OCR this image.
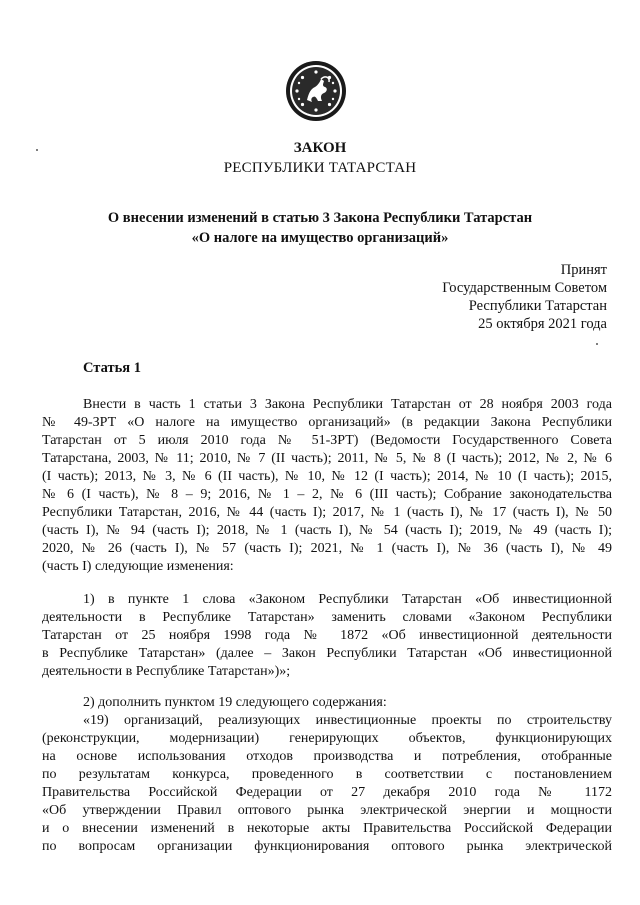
ЗАКОН
РЕСПУБЛИКИ ТАТАРСТАН
О внесении изменений в статью 3 Закона Республики Татарстан
«О налоге на имущество организаций»
Принят
Государственным Советом
Республики Татарстан
25 октября 2021 года
Статья 1
Внести в часть 1 статьи 3 Закона Республики Татарстан от 28 ноября 2003 года
№ 49-ЗРТ «О налоге на имущество организаций» (в редакции Закона Республики
Татарстан от 5 июля 2010 года № 51-ЗРТ) (Ведомости Государственного Совета
Татарстана, 2003, № 11; 2010, № 7 (II часть); 2011, № 5, № 8 (I часть); 2012, № 2, № 6
(I часть); 2013, № 3, № 6 (II часть), № 10, № 12 (I часть); 2014, № 10 (I часть); 2015,
№ 6 (I часть), № 8 – 9; 2016, № 1 – 2, № 6 (III часть); Собрание законодательства
Республики Татарстан, 2016, № 44 (часть I); 2017, № 1 (часть I), № 17 (часть I), № 50
(часть I), № 94 (часть I); 2018, № 1 (часть I), № 54 (часть I); 2019, № 49 (часть I);
2020, № 26 (часть I), № 57 (часть I); 2021, № 1 (часть I), № 36 (часть I), № 49
(часть I) следующие изменения:
1) в пункте 1 слова «Законом Республики Татарстан «Об инвестиционной
деятельности в Республике Татарстан» заменить словами «Законом Республики
Татарстан от 25 ноября 1998 года № 1872 «Об инвестиционной деятельности
в Республике Татарстан» (далее – Закон Республики Татарстан «Об инвестиционной
деятельности в Республике Татарстан»)»;
2) дополнить пунктом 19 следующего содержания:
«19) организаций, реализующих инвестиционные проекты по строительству
(реконструкции, модернизации) генерирующих объектов, функционирующих
на основе использования отходов производства и потребления, отобранные
по результатам конкурса, проведенного в соответствии с постановлением
Правительства Российской Федерации от 27 декабря 2010 года № 1172
«Об утверждении Правил оптового рынка электрической энергии и мощности
и о внесении изменений в некоторые акты Правительства Российской Федерации
по вопросам организации функционирования оптового рынка электрической
